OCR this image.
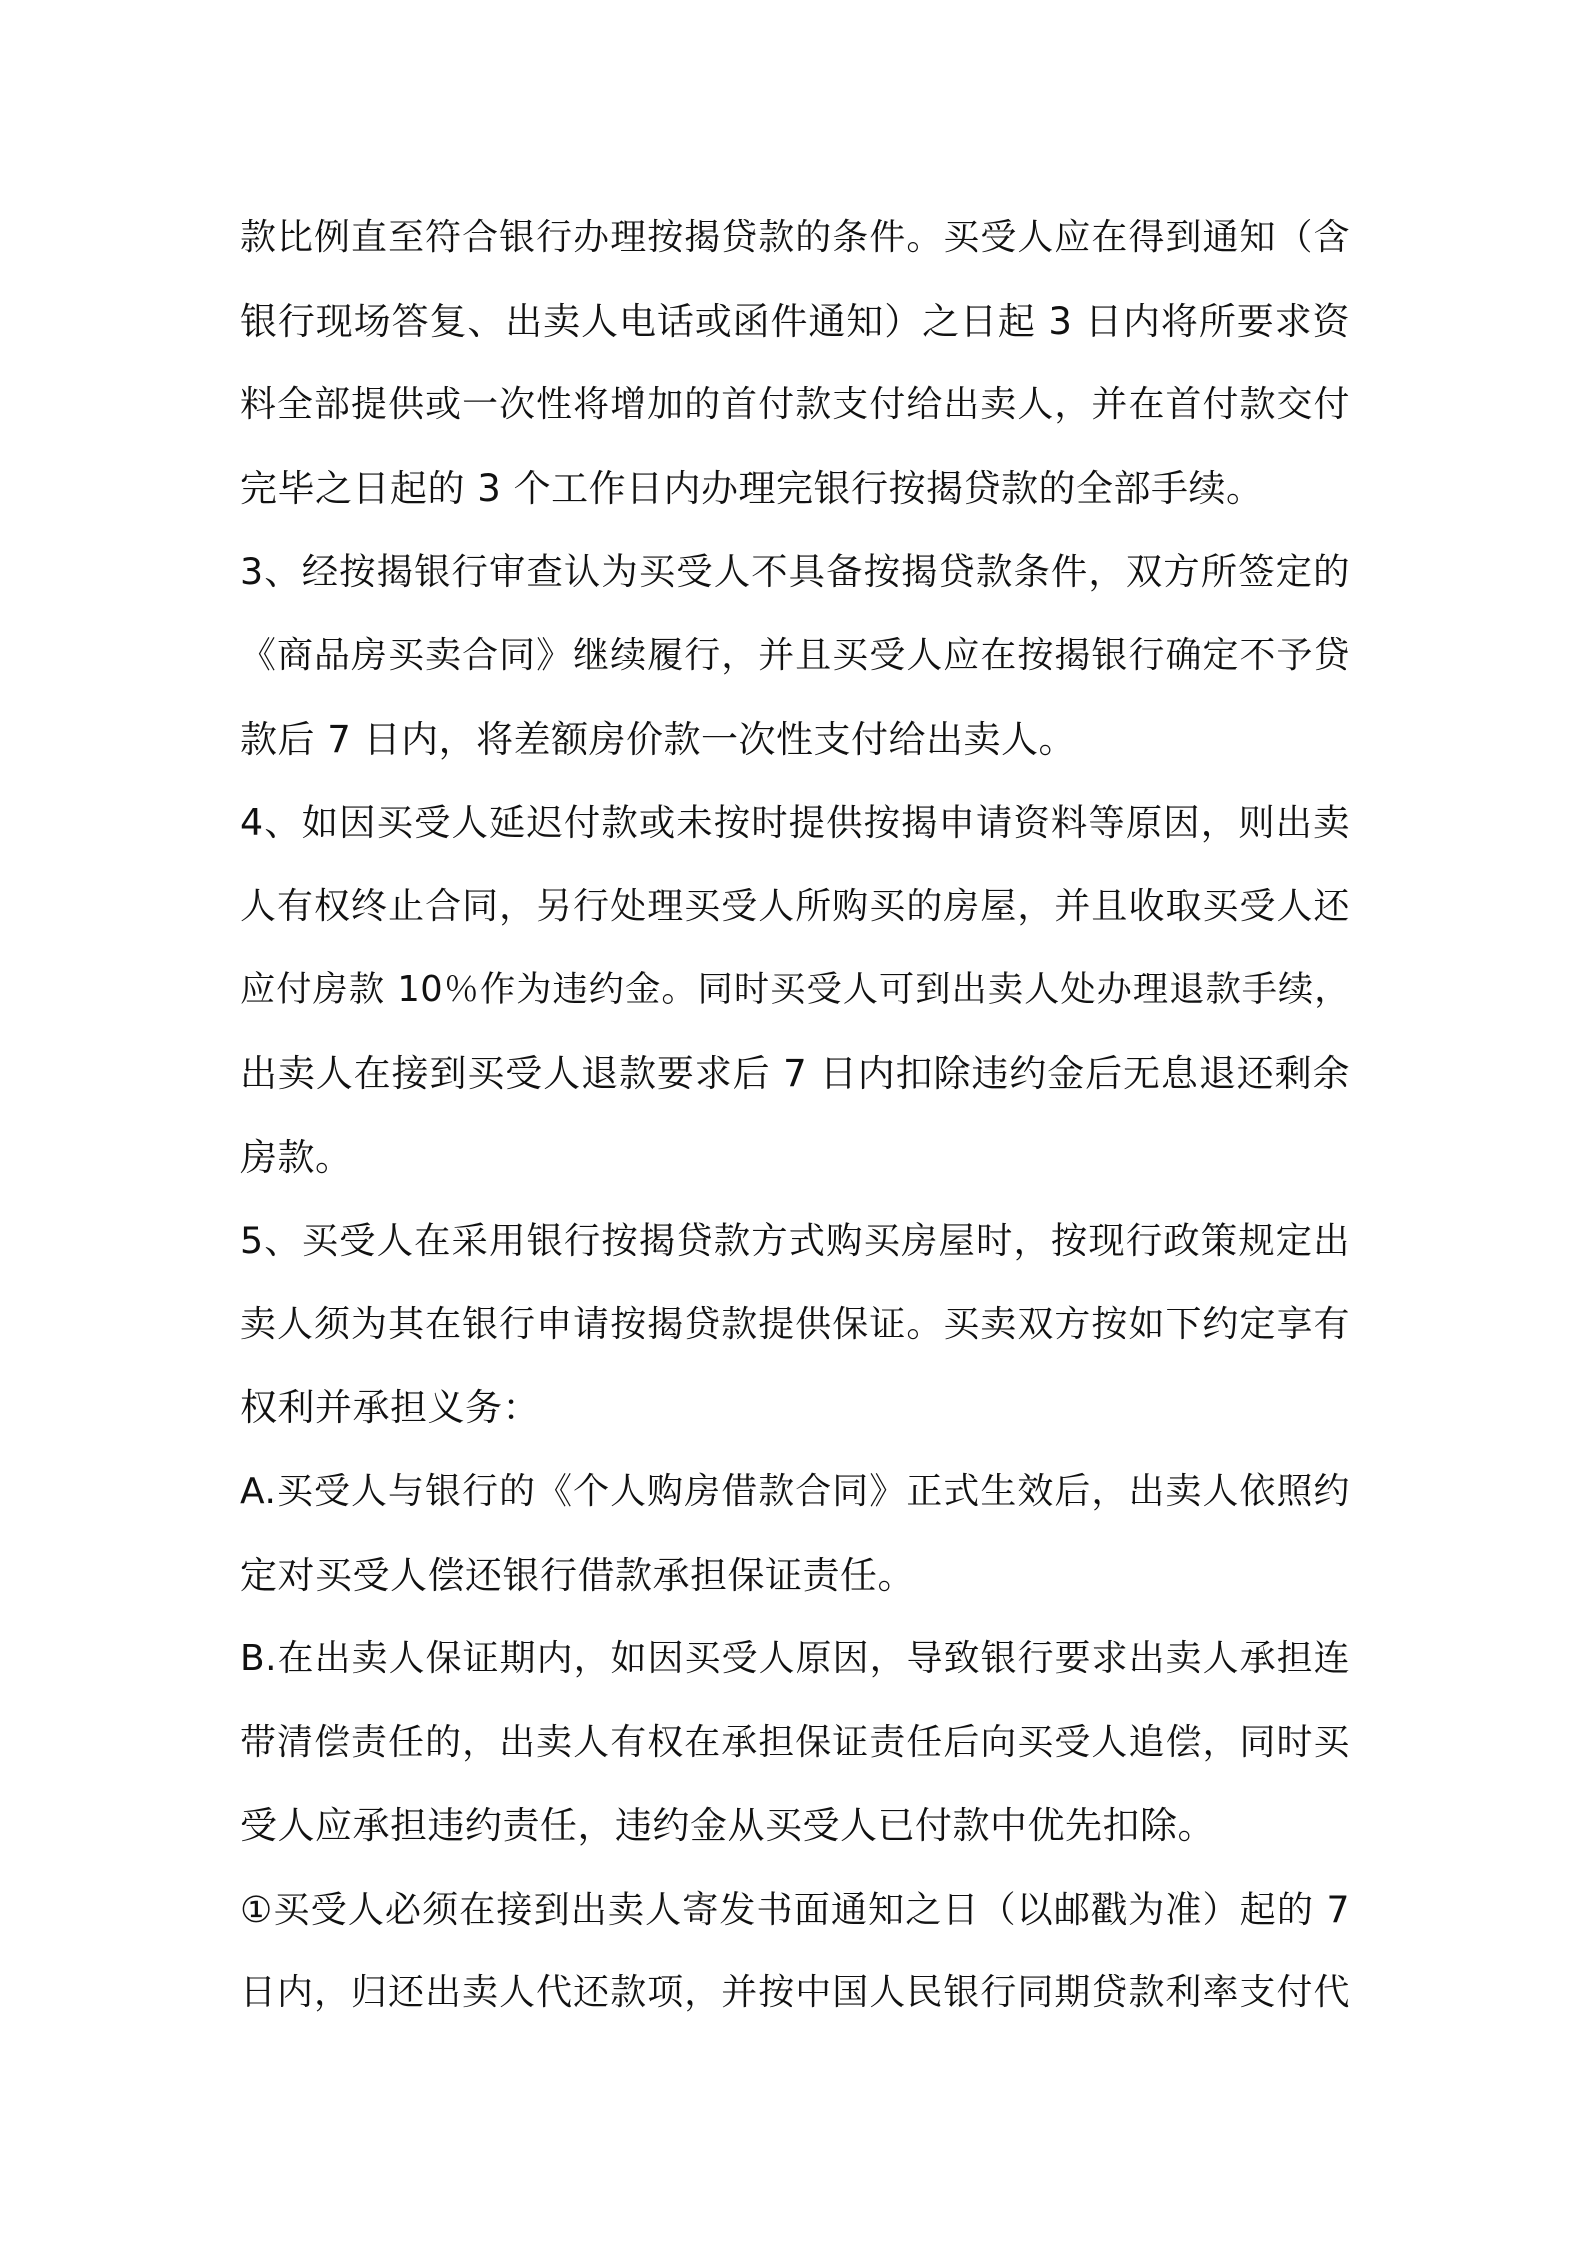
款比例直至符合银行办理按揭贷款的条件。买受人应在得到通知（含
银行现场答复、出卖人电话或函件通知）之日起 3 日内将所要求资
料全部提供或一次性将增加的首付款支付给出卖人，并在首付款交付
完毕之日起的 3 个工作日内办理完银行按揭贷款的全部手续。
3、经按揭银行审查认为买受人不具备按揭贷款条件，双方所签定的
《商品房买卖合同》继续履行，并且买受人应在按揭银行确定不予贷
款后 7 日内，将差额房价款一次性支付给出卖人。
4、如因买受人延迟付款或未按时提供按揭申请资料等原因，则出卖
人有权终止合同，另行处理买受人所购买的房屋，并且收取买受人还
应付房款 10％作为违约金。同时买受人可到出卖人处办理退款手续，
出卖人在接到买受人退款要求后 7 日内扣除违约金后无息退还剩余
房款。
5、买受人在采用银行按揭贷款方式购买房屋时，按现行政策规定出
卖人须为其在银行申请按揭贷款提供保证。买卖双方按如下约定享有
权利并承担义务：
A.买受人与银行的《个人购房借款合同》正式生效后，出卖人依照约
定对买受人偿还银行借款承担保证责任。
B.在出卖人保证期内，如因买受人原因，导致银行要求出卖人承担连
带清偿责任的，出卖人有权在承担保证责任后向买受人追偿，同时买
受人应承担违约责任，违约金从买受人已付款中优先扣除。
①买受人必须在接到出卖人寄发书面通知之日（以邮戳为准）起的 7
日内，归还出卖人代还款项，并按中国人民银行同期贷款利率支付代
